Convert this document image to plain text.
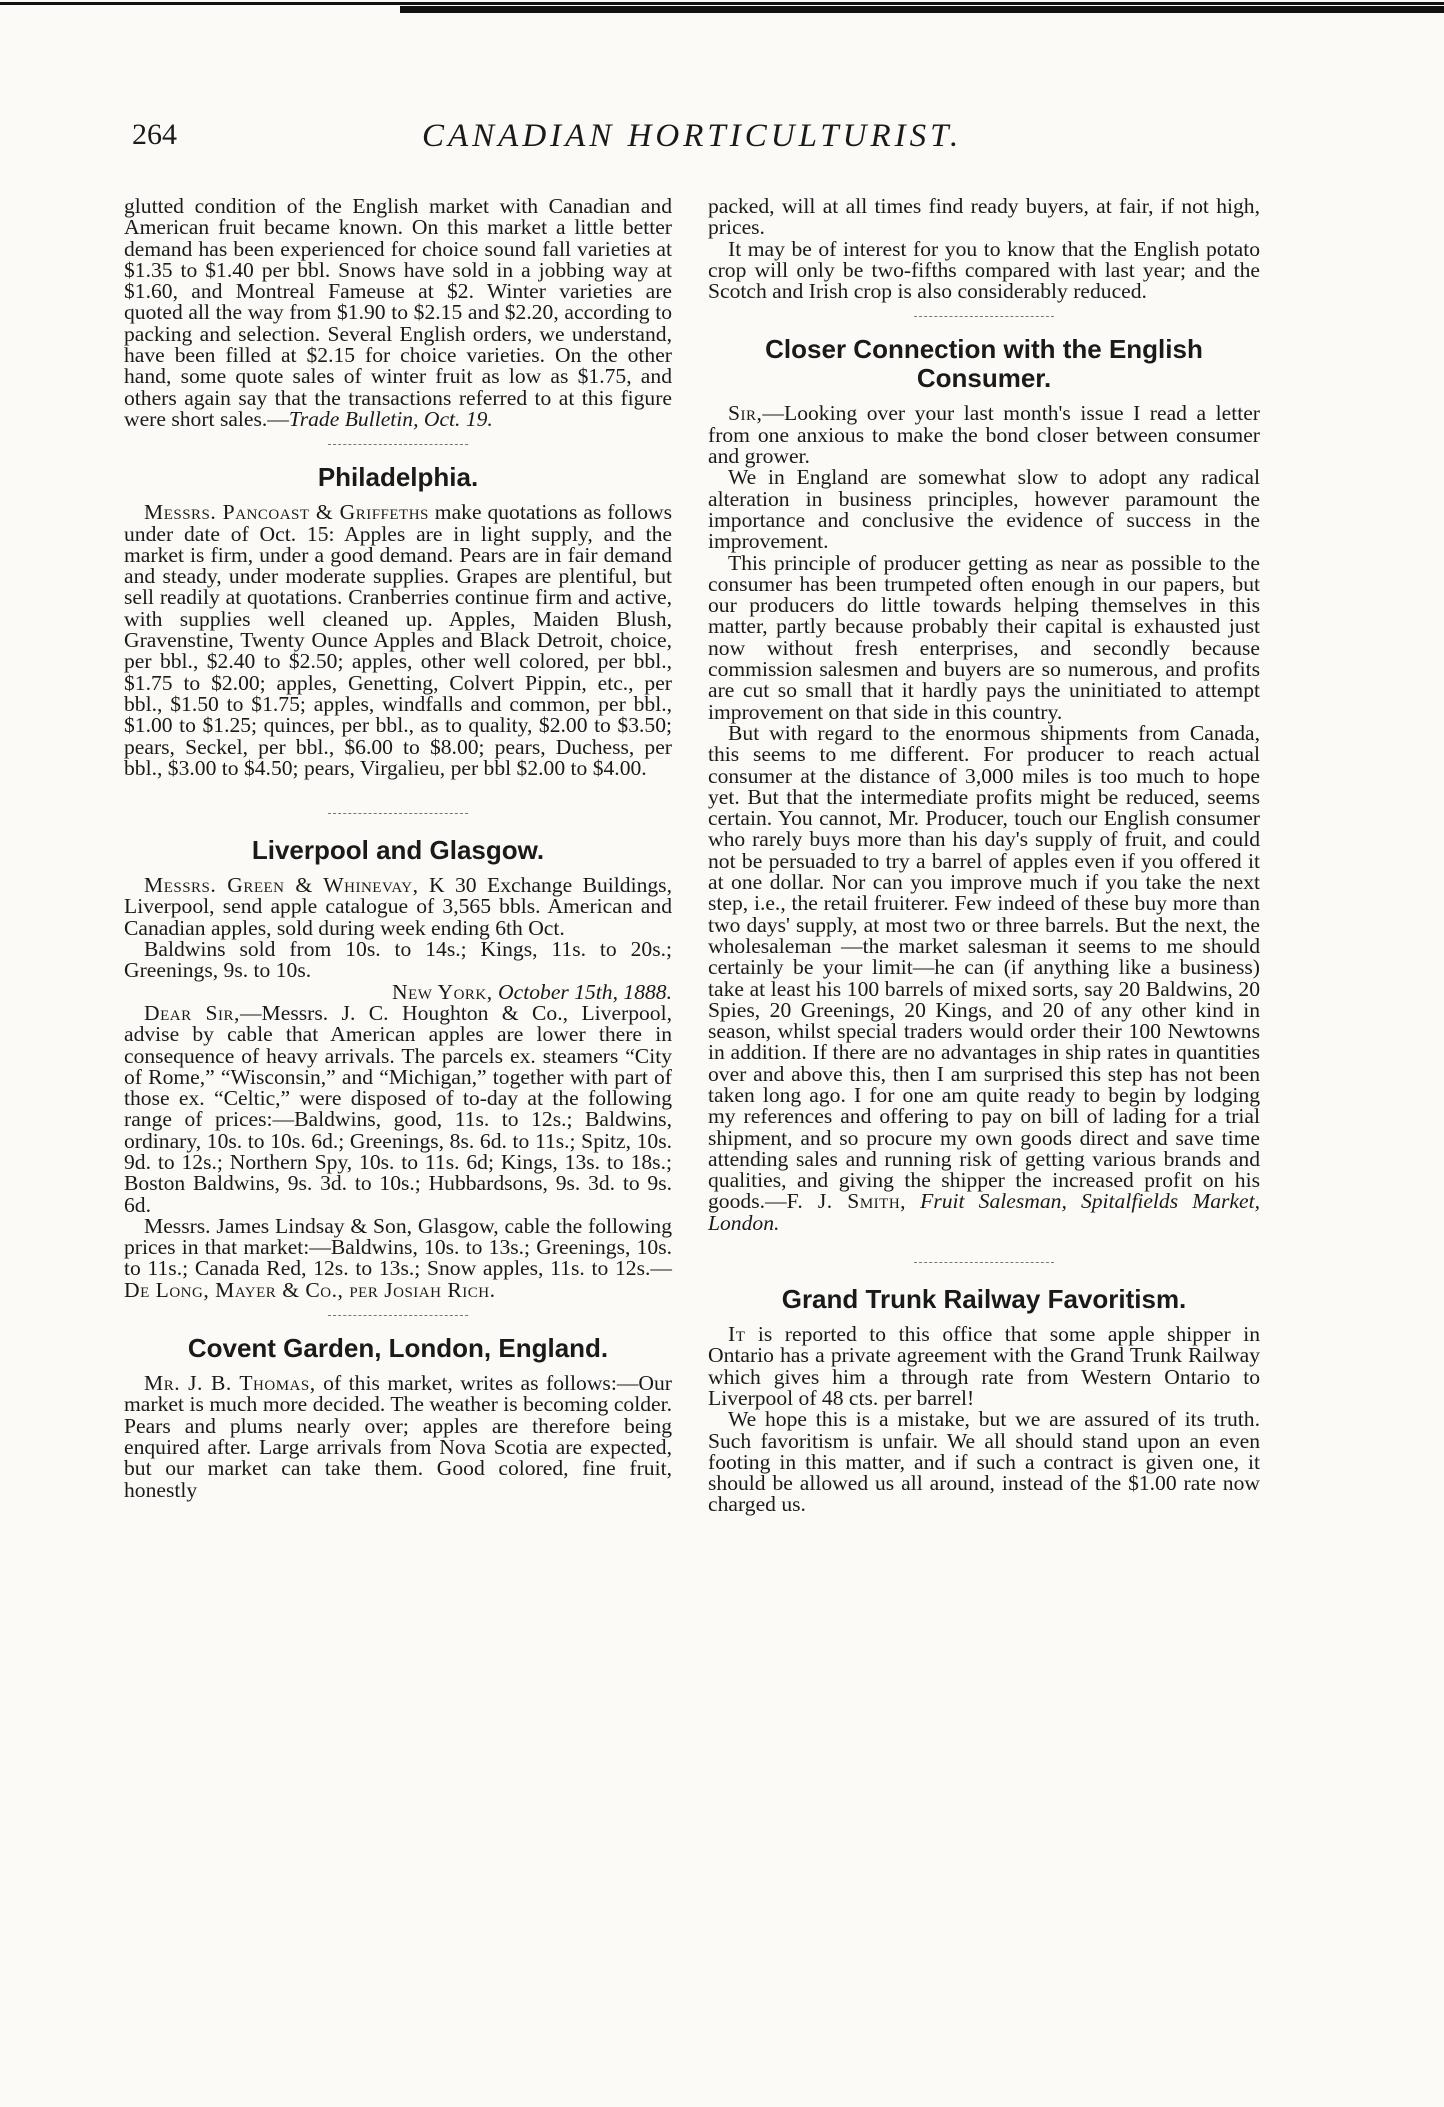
264	CANADIAN HORTICULTURIST.

glutted condition of the English market with Canadian and American fruit became known. On this market a little better demand has been experienced for choice sound fall varieties at $1.35 to $1.40 per bbl. Snows have sold in a jobbing way at $1.60, and Montreal Fameuse at $2. Winter varieties are quoted all the way from $1.90 to $2.15 and $2.20, according to packing and selection. Several English orders, we understand, have been filled at $2.15 for choice varieties. On the other hand, some quote sales of winter fruit as low as $1.75, and others again say that the transactions referred to at this figure were short sales.—Trade Bulletin, Oct. 19.

Philadelphia.

Messrs. Pancoast & Griffeths make quotations as follows under date of Oct. 15: Apples are in light supply, and the market is firm, under a good demand. Pears are in fair demand and steady, under moderate supplies. Grapes are plentiful, but sell readily at quotations. Cranberries continue firm and active, with supplies well cleaned up. Apples, Maiden Blush, Gravenstine, Twenty Ounce Apples and Black Detroit, choice, per bbl., $2.40 to $2.50; apples, other well colored, per bbl., $1.75 to $2.00; apples, Genetting, Colvert Pippin, etc., per bbl., $1.50 to $1.75; apples, windfalls and common, per bbl., $1.00 to $1.25; quinces, per bbl., as to quality, $2.00 to $3.50; pears, Seckel, per bbl., $6.00 to $8.00; pears, Duchess, per bbl., $3.00 to $4.50; pears, Virgalieu, per bbl $2.00 to $4.00.

Liverpool and Glasgow.

Messrs. Green & Whinevay, K 30 Exchange Buildings, Liverpool, send apple catalogue of 3,565 bbls. American and Canadian apples, sold during week ending 6th Oct.

Baldwins sold from 10s. to 14s.; Kings, 11s. to 20s.; Greenings, 9s. to 10s.

New York, October 15th, 1888.

Dear Sir,—Messrs. J. C. Houghton & Co., Liverpool, advise by cable that American apples are lower there in consequence of heavy arrivals. The parcels ex. steamers “City of Rome,” “Wisconsin,” and “Michigan,” together with part of those ex. “Celtic,” were disposed of to-day at the following range of prices:—Baldwins, good, 11s. to 12s.; Baldwins, ordinary, 10s. to 10s. 6d.; Greenings, 8s. 6d. to 11s.; Spitz, 10s. 9d. to 12s.; Northern Spy, 10s. to 11s. 6d; Kings, 13s. to 18s.; Boston Baldwins, 9s. 3d. to 10s.; Hubbardsons, 9s. 3d. to 9s. 6d.

Messrs. James Lindsay & Son, Glasgow, cable the following prices in that market:—Baldwins, 10s. to 13s.; Greenings, 10s. to 11s.; Canada Red, 12s. to 13s.; Snow apples, 11s. to 12s.—De Long, Mayer & Co., per Josiah Rich.

Covent Garden, London, England.

Mr. J. B. Thomas, of this market, writes as follows:—Our market is much more decided. The weather is becoming colder. Pears and plums nearly over; apples are therefore being enquired after. Large arrivals from Nova Scotia are expected, but our market can take them. Good colored, fine fruit, honestly

packed, will at all times find ready buyers, at fair, if not high, prices.

It may be of interest for you to know that the English potato crop will only be two-fifths compared with last year; and the Scotch and Irish crop is also considerably reduced.

Closer Connection with the English Consumer.

Sir,—Looking over your last month's issue I read a letter from one anxious to make the bond closer between consumer and grower.

We in England are somewhat slow to adopt any radical alteration in business principles, however paramount the importance and conclusive the evidence of success in the improvement.

This principle of producer getting as near as possible to the consumer has been trumpeted often enough in our papers, but our producers do little towards helping themselves in this matter, partly because probably their capital is exhausted just now without fresh enterprises, and secondly because commission salesmen and buyers are so numerous, and profits are cut so small that it hardly pays the uninitiated to attempt improvement on that side in this country.

But with regard to the enormous shipments from Canada, this seems to me different. For producer to reach actual consumer at the distance of 3,000 miles is too much to hope yet. But that the intermediate profits might be reduced, seems certain. You cannot, Mr. Producer, touch our English consumer who rarely buys more than his day's supply of fruit, and could not be persuaded to try a barrel of apples even if you offered it at one dollar. Nor can you improve much if you take the next step, i.e., the retail fruiterer. Few indeed of these buy more than two days' supply, at most two or three barrels. But the next, the wholesaleman —the market salesman it seems to me should certainly be your limit—he can (if anything like a business) take at least his 100 barrels of mixed sorts, say 20 Baldwins, 20 Spies, 20 Greenings, 20 Kings, and 20 of any other kind in season, whilst special traders would order their 100 Newtowns in addition. If there are no advantages in ship rates in quantities over and above this, then I am surprised this step has not been taken long ago. I for one am quite ready to begin by lodging my references and offering to pay on bill of lading for a trial shipment, and so procure my own goods direct and save time attending sales and running risk of getting various brands and qualities, and giving the shipper the increased profit on his goods.—F. J. Smith, Fruit Salesman, Spitalfields Market, London.

Grand Trunk Railway Favoritism.

It is reported to this office that some apple shipper in Ontario has a private agreement with the Grand Trunk Railway which gives him a through rate from Western Ontario to Liverpool of 48 cts. per barrel!

We hope this is a mistake, but we are assured of its truth. Such favoritism is unfair. We all should stand upon an even footing in this matter, and if such a contract is given one, it should be allowed us all around, instead of the $1.00 rate now charged us.
